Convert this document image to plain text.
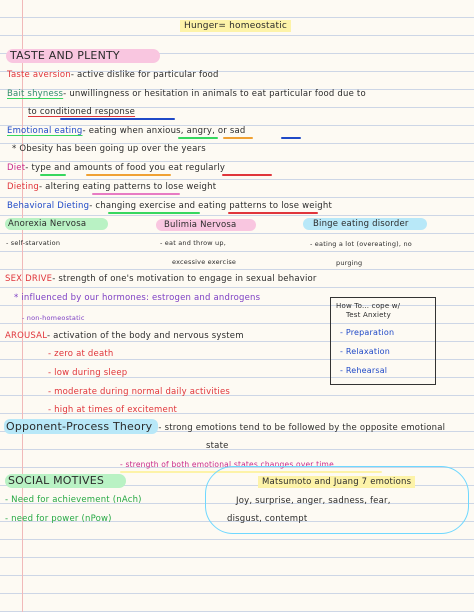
Hunger= homeostatic
TASTE AND PLENTY
Taste aversion- active dislike for particular food
Bait shyness- unwillingness or hesitation in animals to eat particular food due to
to conditioned response
Emotional eating- eating when anxious, angry, or sad
* Obesity has been going up over the years
Diet- type and amounts of food you eat regularly
Dieting- altering eating patterns to lose weight
Behavioral Dieting- changing exercise and eating patterns to lose weight
Anorexia Nervosa
- self-starvation
Bulimia Nervosa
- eat and throw up,
excessive exercise
Binge eating disorder
- eating a lot (overeating), no
purging
SEX DRIVE- strength of one's motivation to engage in sexual behavior
* influenced by our hormones: estrogen and androgens
- non-homeostatic
How To... cope w/
Test Anxiety
- Preparation
- Relaxation
- Rehearsal
AROUSAL- activation of the body and nervous system
- zero at death
- low during sleep
- moderate during normal daily activities
- high at times of excitement
Opponent-Process Theory - strong emotions tend to be followed by the opposite emotional
state
- strength of both emotional states changes over time
SOCIAL MOTIVES
- Need for achievement (nAch)
- need for power (nPow)
Matsumoto and Juang 7 emotions
Joy, surprise, anger, sadness, fear,
disgust, contempt
